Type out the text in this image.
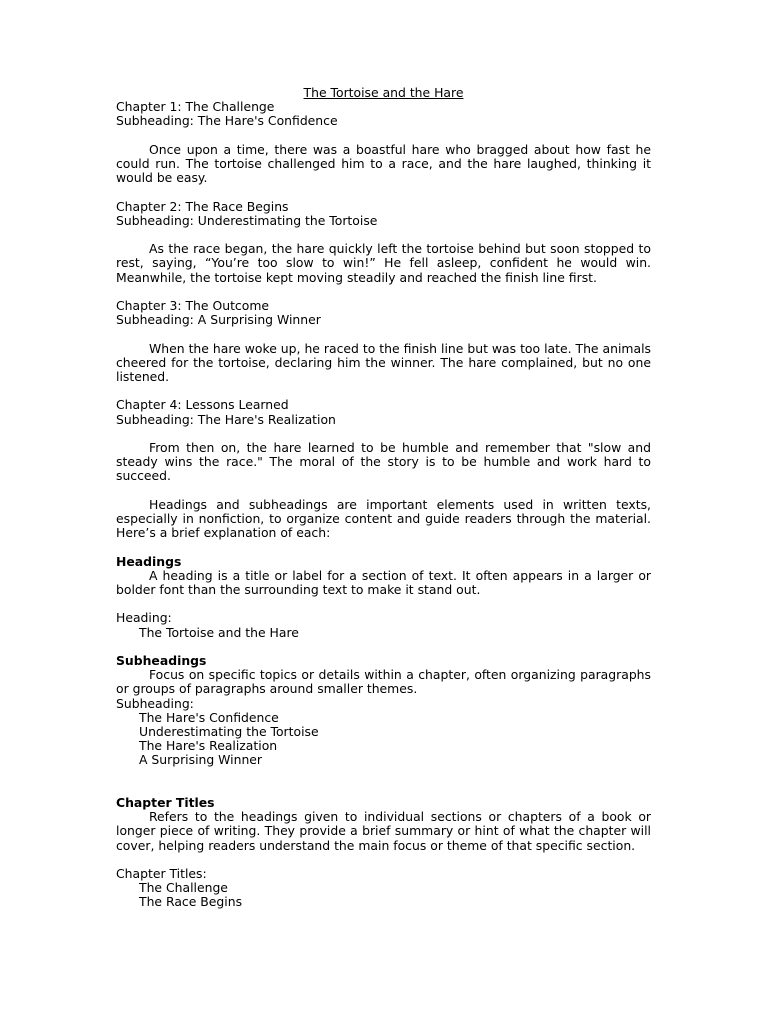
The Tortoise and the Hare

Chapter 1: The Challenge

Subheading: The Hare's Confidence

Once upon a time, there was a boastful hare who bragged about how fast he could run. The tortoise challenged him to a race, and the hare laughed, thinking it would be easy.

Chapter 2: The Race Begins

Subheading: Underestimating the Tortoise

As the race began, the hare quickly left the tortoise behind but soon stopped to rest, saying, “You’re too slow to win!” He fell asleep, confident he would win. Meanwhile, the tortoise kept moving steadily and reached the finish line first.

Chapter 3: The Outcome

Subheading: A Surprising Winner

When the hare woke up, he raced to the finish line but was too late. The animals cheered for the tortoise, declaring him the winner. The hare complained, but no one listened.

Chapter 4: Lessons Learned

Subheading: The Hare's Realization

From then on, the hare learned to be humble and remember that "slow and steady wins the race." The moral of the story is to be humble and work hard to succeed.

Headings and subheadings are important elements used in written texts, especially in nonfiction, to organize content and guide readers through the material. Here’s a brief explanation of each:

Headings

A heading is a title or label for a section of text. It often appears in a larger or bolder font than the surrounding text to make it stand out.

Heading:

The Tortoise and the Hare

Subheadings

Focus on specific topics or details within a chapter, often organizing paragraphs or groups of paragraphs around smaller themes.

Subheading:

The Hare's Confidence

Underestimating the Tortoise

The Hare's Realization

A Surprising Winner

Chapter Titles

Refers to the headings given to individual sections or chapters of a book or longer piece of writing. They provide a brief summary or hint of what the chapter will cover, helping readers understand the main focus or theme of that specific section.

Chapter Titles:

The Challenge

The Race Begins
